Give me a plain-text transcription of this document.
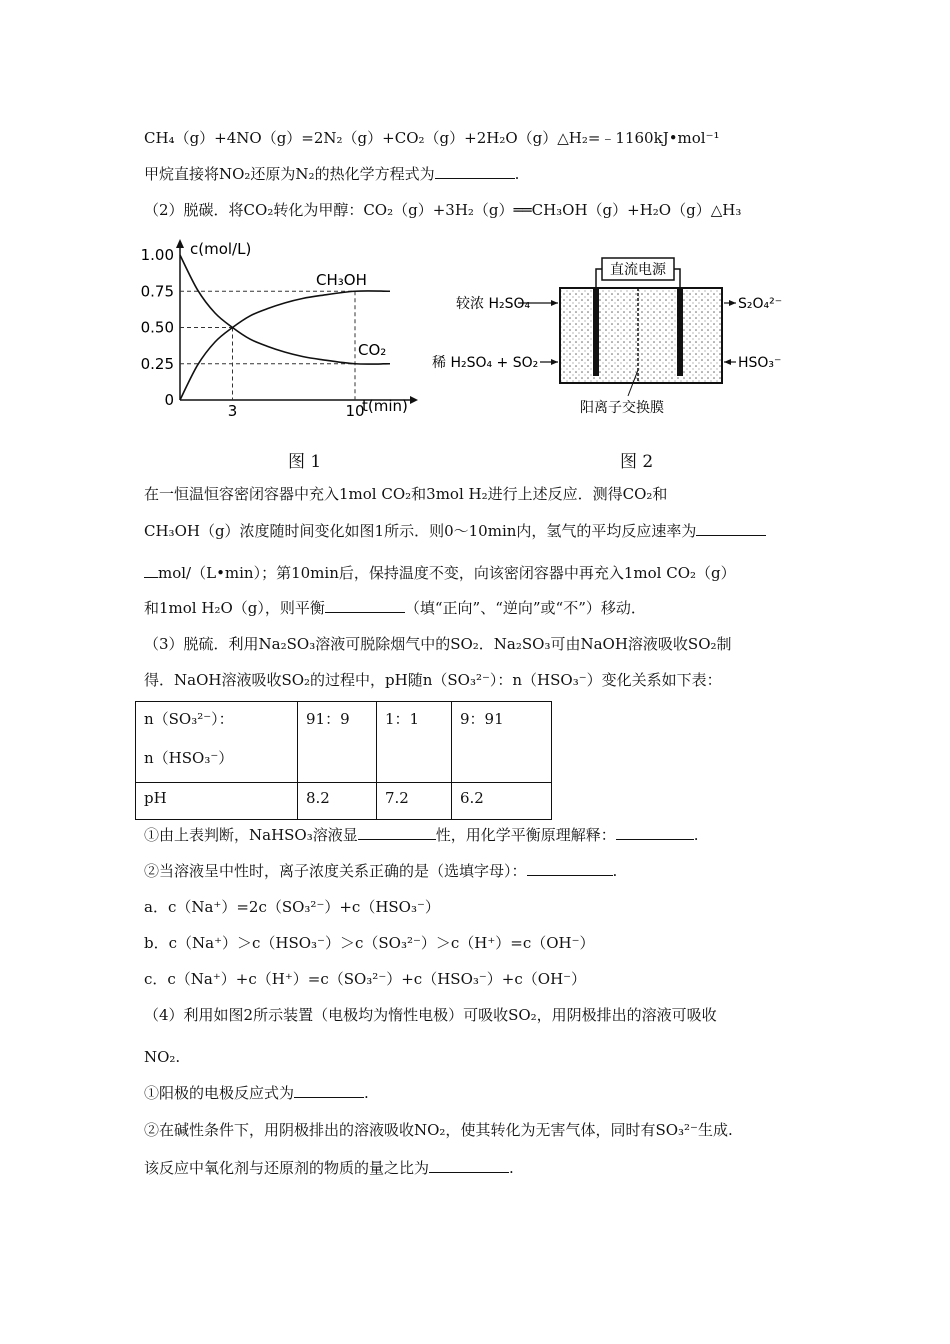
CH₄（g）+4NO（g）=2N₂（g）+CO₂（g）+2H₂O（g）△H₂=﹣1160kJ•mol⁻¹
甲烷直接将NO₂还原为N₂的热化学方程式为	.
（2）脱碳．将CO₂转化为甲醇：CO₂（g）+3H₂（g）══CH₃OH（g）+H₂O（g）△H₃
1.00
0.75
0.50
0.25
0
3	10
c(mol/L)
t(min)
CH₃OH
CO₂
图 1
直流电源
较浓 H₂SO₄
稀 H₂SO₄ + SO₂
S₂O₄²⁻
HSO₃⁻
阳离子交换膜
图 2
在一恒温恒容密闭容器中充入1mol CO₂和3mol H₂进行上述反应．测得CO₂和
CH₃OH（g）浓度随时间变化如图1所示．则0～10min内，氢气的平均反应速率为
mol/（L•min）；第10min后，保持温度不变，向该密闭容器中再充入1mol CO₂（g）
和1mol H₂O（g），则平衡	（填“正向”、“逆向”或“不”）移动．
（3）脱硫．利用Na₂SO₃溶液可脱除烟气中的SO₂．Na₂SO₃可由NaOH溶液吸收SO₂制
得．NaOH溶液吸收SO₂的过程中，pH随n（SO₃²⁻）：n（HSO₃⁻）变化关系如下表：
n（SO₃²⁻）：
n（HSO₃⁻）	91：9	1：1	9：91
pH	8.2	7.2	6.2
①由上表判断，NaHSO₃溶液显	性，用化学平衡原理解释：	.
②当溶液呈中性时，离子浓度关系正确的是（选填字母）：	.
a．c（Na⁺）=2c（SO₃²⁻）+c（HSO₃⁻）
b．c（Na⁺）＞c（HSO₃⁻）＞c（SO₃²⁻）＞c（H⁺）=c（OH⁻）
c．c（Na⁺）+c（H⁺）=c（SO₃²⁻）+c（HSO₃⁻）+c（OH⁻）
（4）利用如图2所示装置（电极均为惰性电极）可吸收SO₂，用阴极排出的溶液可吸收
NO₂.
①阳极的电极反应式为	.
②在碱性条件下，用阴极排出的溶液吸收NO₂，使其转化为无害气体，同时有SO₃²⁻生成.
该反应中氧化剂与还原剂的物质的量之比为	.
